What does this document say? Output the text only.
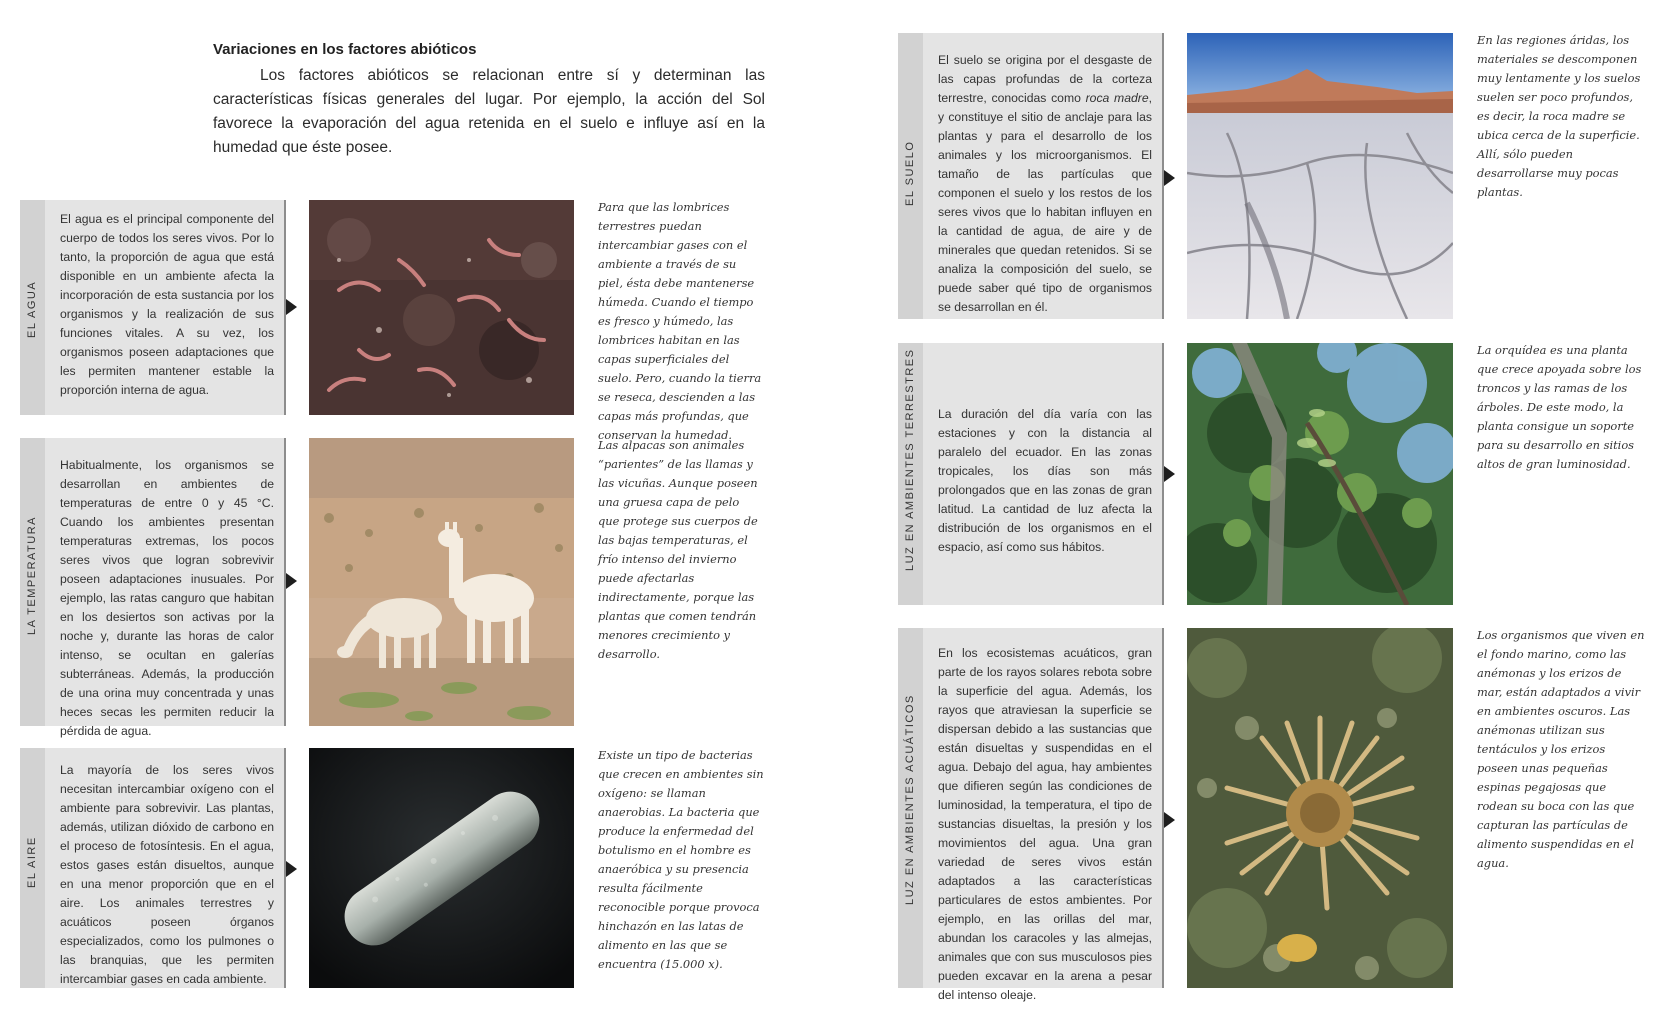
Variaciones en los factores abióticos

Los factores abióticos se relacionan entre sí y determinan las características físicas generales del lugar. Por ejemplo, la acción del Sol favorece la evaporación del agua retenida en el suelo e influye así en la humedad que éste posee.

EL AGUA

El agua es el principal componente del cuerpo de todos los seres vivos. Por lo tanto, la proporción de agua que está disponible en un ambiente afecta la incorporación de esta sustancia por los organismos y la realización de sus funciones vitales. A su vez, los organismos poseen adaptaciones que les permiten mantener estable la proporción interna de agua.

Para que las lombrices terrestres puedan intercambiar gases con el ambiente a través de su piel, ésta debe mantenerse húmeda. Cuando el tiempo es fresco y húmedo, las lombrices habitan en las capas superficiales del suelo. Pero, cuando la tierra se reseca, descienden a las capas más profundas, que conservan la humedad.

LA TEMPERATURA

Habitualmente, los organismos se desarrollan en ambientes de temperaturas de entre 0 y 45 °C. Cuando los ambientes presentan temperaturas extremas, los pocos seres vivos que logran sobrevivir poseen adaptaciones inusuales. Por ejemplo, las ratas canguro que habitan en los desiertos son activas por la noche y, durante las horas de calor intenso, se ocultan en galerías subterráneas. Además, la producción de una orina muy concentrada y unas heces secas les permiten reducir la pérdida de agua.

Las alpacas son animales “parientes” de las llamas y las vicuñas. Aunque poseen una gruesa capa de pelo que protege sus cuerpos de las bajas temperaturas, el frío intenso del invierno puede afectarlas indirectamente, porque las plantas que comen tendrán menores crecimiento y desarrollo.

EL AIRE

La mayoría de los seres vivos necesitan intercambiar oxígeno con el ambiente para sobrevivir. Las plantas, además, utilizan dióxido de carbono en el proceso de fotosíntesis. En el agua, estos gases están disueltos, aunque en una menor proporción que en el aire. Los animales terrestres y acuáticos poseen órganos especializados, como los pulmones o las branquias, que les permiten intercambiar gases en cada ambiente.

Existe un tipo de bacterias que crecen en ambientes sin oxígeno: se llaman anaerobias. La bacteria que produce la enfermedad del botulismo en el hombre es anaeróbica y su presencia resulta fácilmente reconocible porque provoca hinchazón en las latas de alimento en las que se encuentra (15.000 x).

EL SUELO

El suelo se origina por el desgaste de las capas profundas de la corteza terrestre, conocidas como roca madre, y constituye el sitio de anclaje para las plantas y para el desarrollo de los animales y los microorganismos. El tamaño de las partículas que componen el suelo y los restos de los seres vivos que lo habitan influyen en la cantidad de agua, de aire y de minerales que quedan retenidos. Si se analiza la composición del suelo, se puede saber qué tipo de organismos se desarrollan en él.

En las regiones áridas, los materiales se descomponen muy lentamente y los suelos suelen ser poco profundos, es decir, la roca madre se ubica cerca de la superficie. Allí, sólo pueden desarrollarse muy pocas plantas.

LUZ EN AMBIENTES TERRESTRES La duración del día varía con las estaciones y con la distancia al paralelo del ecuador. En las zonas tropicales, los días son más prolongados que en las zonas de gran latitud. La cantidad de luz afecta la distribución de los organismos en el espacio, así como sus hábitos.

La orquídea es una planta que crece apoyada sobre los troncos y las ramas de los árboles. De este modo, la planta consigue un soporte para su desarrollo en sitios altos de gran luminosidad.

LUZ EN AMBIENTES ACUÁTICOS

En los ecosistemas acuáticos, gran parte de los rayos solares rebota sobre la superficie del agua. Además, los rayos que atraviesan la superficie se dispersan debido a las sustancias que están disueltas y suspendidas en el agua. Debajo del agua, hay ambientes que difieren según las condiciones de luminosidad, la temperatura, el tipo de sustancias disueltas, la presión y los movimientos del agua. Una gran variedad de seres vivos están adaptados a las características particulares de estos ambientes. Por ejemplo, en las orillas del mar, abundan los caracoles y las almejas, animales que con sus musculosos pies pueden excavar en la arena a pesar del intenso oleaje.

Los organismos que viven en el fondo marino, como las anémonas y los erizos de mar, están adaptados a vivir en ambientes oscuros. Las anémonas utilizan sus tentáculos y los erizos poseen unas pequeñas espinas pegajosas que rodean su boca con las que capturan las partículas de alimento suspendidas en el agua.
